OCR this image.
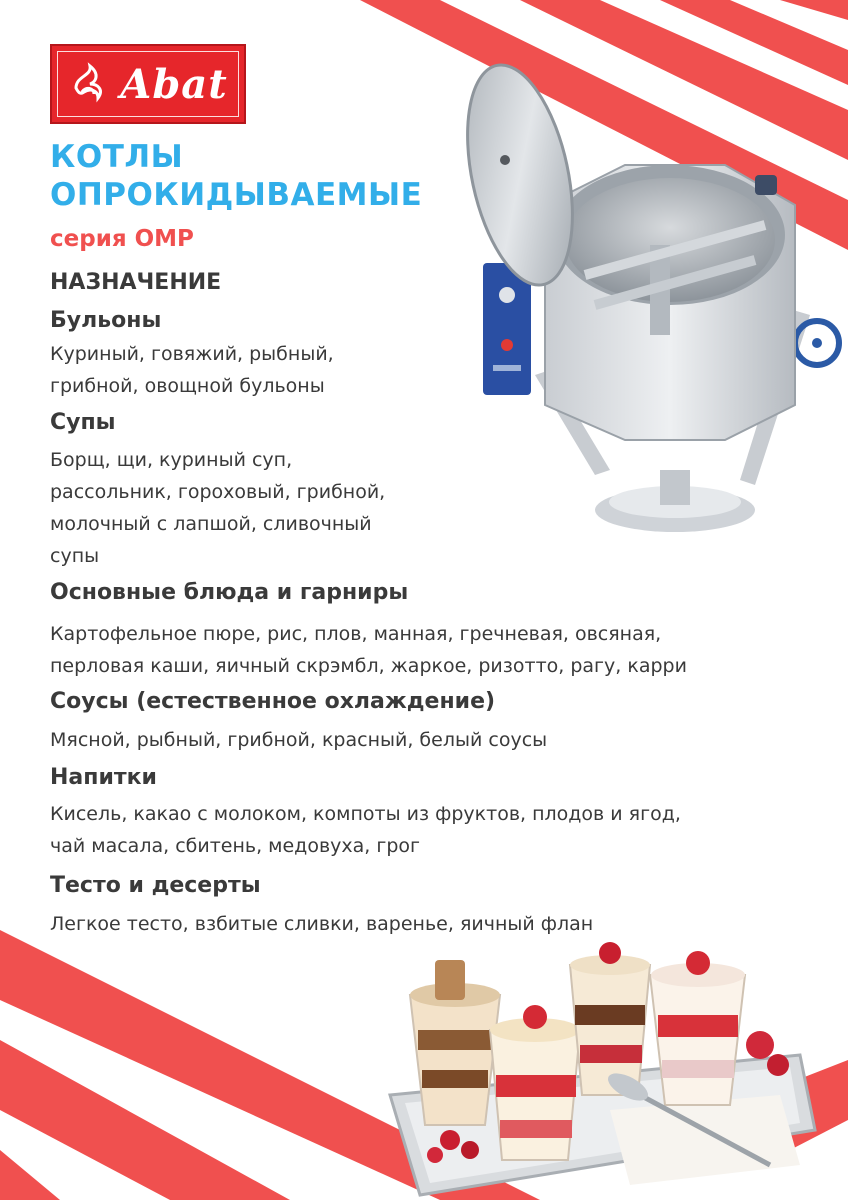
Abat
КОТЛЫ
ОПРОКИДЫВАЕМЫЕ
серия ОМР
НАЗНАЧЕНИЕ
Бульоны
Куриный, говяжий, рыбный,
грибной, овощной бульоны
Супы
Борщ, щи, куриный суп,
рассольник, гороховый, грибной,
молочный с лапшой, сливочный
супы
Основные блюда и гарниры
Картофельное пюре, рис, плов, манная, гречневая, овсяная,
перловая каши, яичный скрэмбл, жаркое, ризотто, рагу, карри
Соусы (естественное охлаждение)
Мясной, рыбный, грибной, красный, белый соусы
Напитки
Кисель, какао с молоком, компоты из фруктов, плодов и ягод,
чай масала, сбитень, медовуха, грог
Тесто и десерты
Легкое тесто, взбитые сливки, варенье, яичный флан
